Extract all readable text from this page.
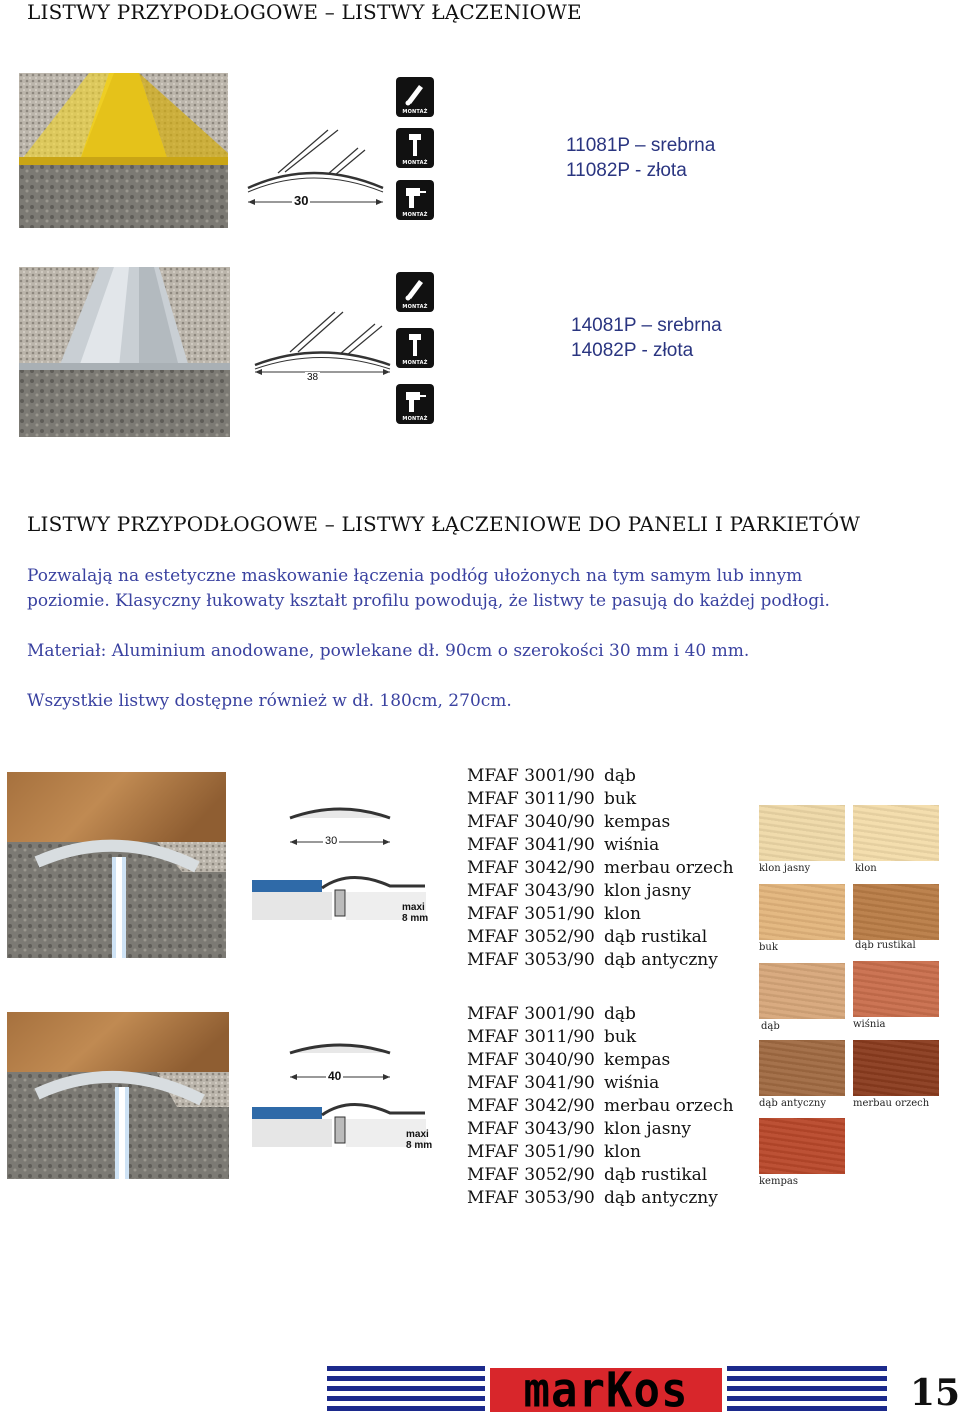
LISTWY PRZYPODŁOGOWE – LISTWY ŁĄCZENIOWE
30
MONTAŻ
MONTAŻ
MONTAŻ
11081P – srebrna
11082P - złota
38
MONTAŻ
MONTAŻ
MONTAŻ
14081P – srebrna
14082P - złota
LISTWY PRZYPODŁOGOWE – LISTWY ŁĄCZENIOWE DO PANELI I PARKIETÓW
Pozwalają na estetyczne maskowanie łączenia podłóg ułożonych na tym samym lub innym
poziomie. Klasyczny łukowaty kształt profilu powodują, że listwy te pasują do każdej podłogi.
Materiał: Aluminium anodowane, powlekane dł. 90cm o szerokości 30 mm i 40 mm.
Wszystkie listwy dostępne również w dł. 180cm, 270cm.
30
maxi
8 mm
MFAF 3001/90 dąb
MFAF 3011/90 buk
MFAF 3040/90 kempas
MFAF 3041/90 wiśnia
MFAF 3042/90 merbau orzech
MFAF 3043/90 klon jasny
MFAF 3051/90 klon
MFAF 3052/90 dąb rustikal
MFAF 3053/90 dąb antyczny
40
maxi
8 mm
MFAF 3001/90 dąb
MFAF 3011/90 buk
MFAF 3040/90 kempas
MFAF 3041/90 wiśnia
MFAF 3042/90 merbau orzech
MFAF 3043/90 klon jasny
MFAF 3051/90 klon
MFAF 3052/90 dąb rustikal
MFAF 3053/90 dąb antyczny
klon jasny	klon
buk	dąb rustikal
dąb	wiśnia
dąb antyczny	merbau orzech
kempas
marKos	15
